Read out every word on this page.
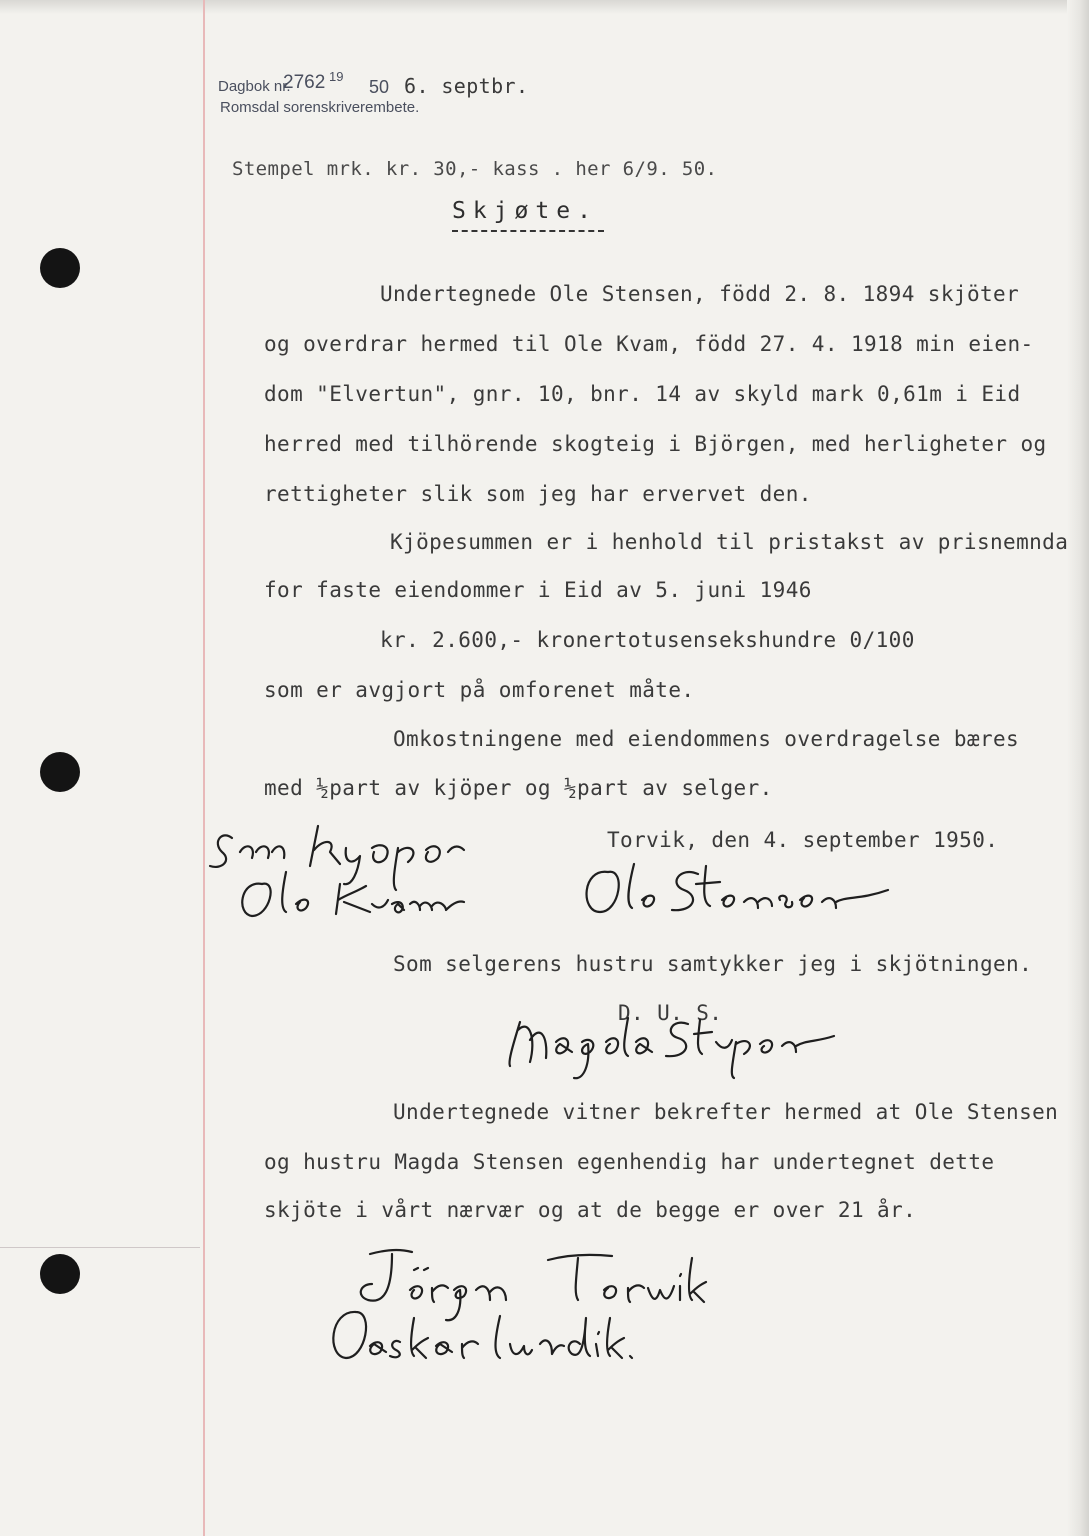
Dagbok nr.
2762 19
50 6. septbr.
Romsdal sorenskriverembete.
Stempel mrk. kr. 30,- kass . her 6/9. 50.
Skjøte.
Undertegnede Ole Stensen, född 2. 8. 1894 skjöter
og overdrar hermed til Ole Kvam, född 27. 4. 1918 min eien-
dom "Elvertun", gnr. 10, bnr. 14 av skyld mark 0,61m i Eid
herred med tilhörende skogteig i Björgen, med herligheter og
rettigheter slik som jeg har ervervet den.
Kjöpesummen er i henhold til pristakst av prisnemnda
for faste eiendommer i Eid av 5. juni 1946
kr. 2.600,- kronertotusensekshundre 0/100
som er avgjort på omforenet måte.
Omkostningene med eiendommens overdragelse bæres
med ½part av kjöper og ½part av selger.
Torvik, den 4. september 1950.
Som selgerens hustru samtykker jeg i skjötningen.
D. U. S.
Undertegnede vitner bekrefter hermed at Ole Stensen
og hustru Magda Stensen egenhendig har undertegnet dette
skjöte i vårt nærvær og at de begge er over 21 år.
